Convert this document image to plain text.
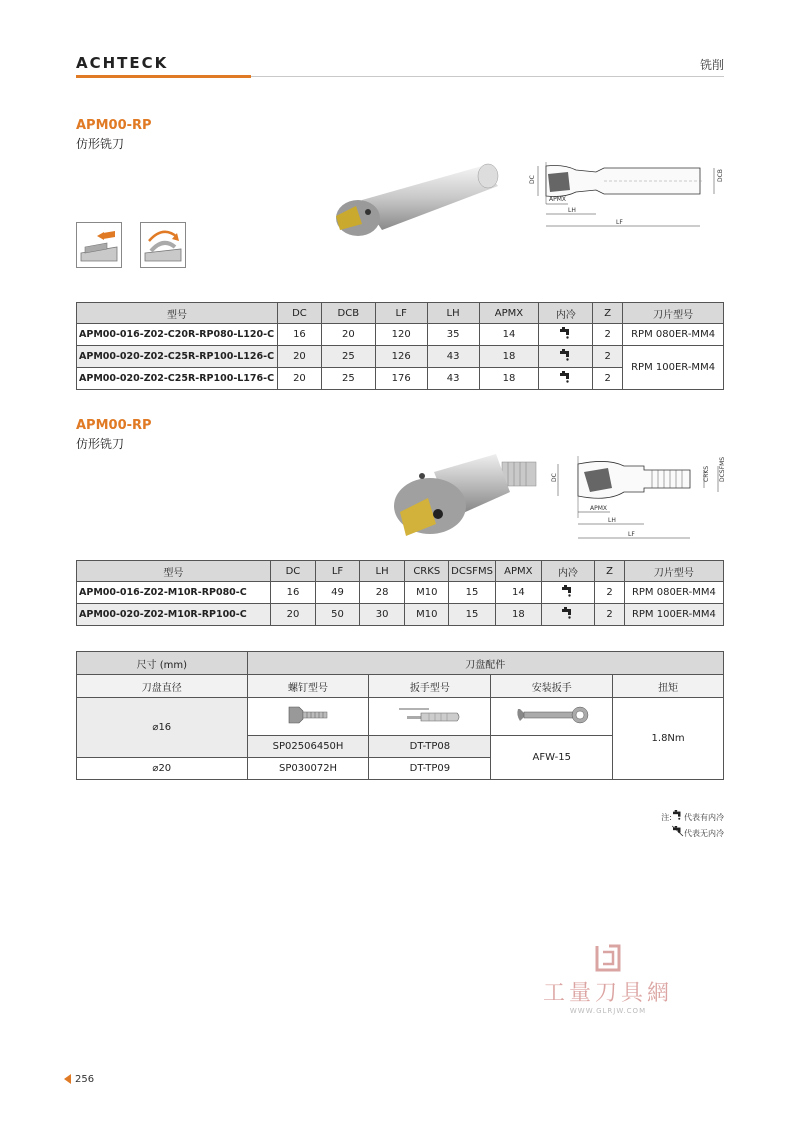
ACHTECK	铣削
APM00-RP
仿形铣刀
DC	DCB
APMX
LH
LF
型号	DC	DCB	LF	LH	APMX	内冷	Z	刀片型号
APM00-016-Z02-C20R-RP080-L120-C	16	20	120	35	14		2	RPM 080ER-MM4
APM00-020-Z02-C25R-RP100-L126-C	20	25	126	43	18		2	RPM 100ER-MM4
APM00-020-Z02-C25R-RP100-L176-C	20	25	176	43	18		2	
APM00-RP
仿形铣刀
DC	CRKS DCSFMS
APMX
LH
LF
型号	DC	LF	LH	CRKS	DCSFMS	APMX	内冷	Z	刀片型号
APM00-016-Z02-M10R-RP080-C	16	49	28	M10	15	14		2	RPM 080ER-MM4
APM00-020-Z02-M10R-RP100-C	20	50	30	M10	15	18		2	RPM 100ER-MM4
尺寸 (mm)	刀盘配件			
刀盘直径	螺钉型号	扳手型号	安装扳手	扭矩
⌀16				1.8Nm
	SP02506450H	DT-TP08	AFW-15	
⌀20	SP030072H	DT-TP09		
注: 代表有内冷
代表无内冷
工量刀具網
WWW.GLRJW.COM
256
